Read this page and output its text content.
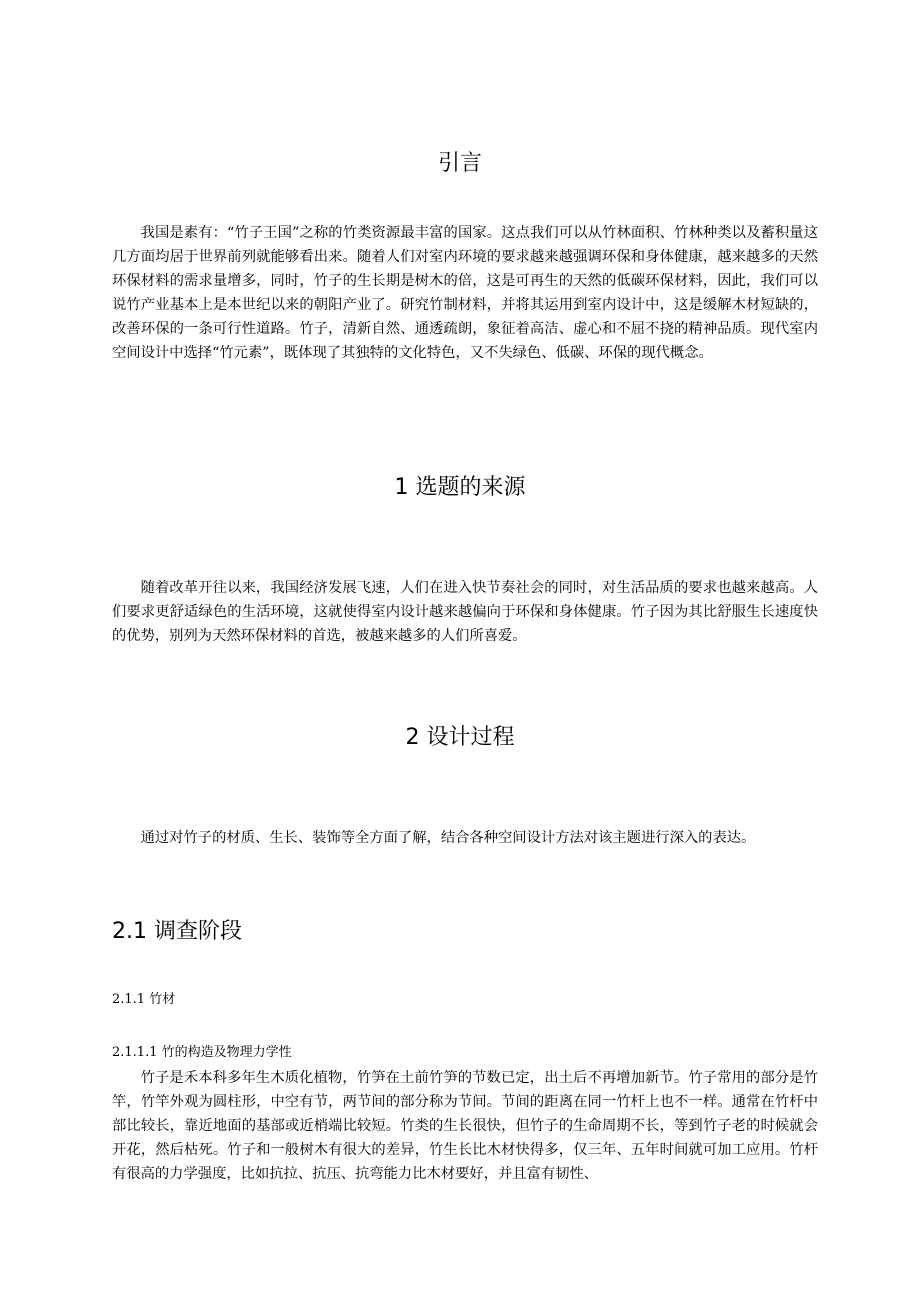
引言

我国是素有：“竹子王国”之称的竹类资源最丰富的国家。这点我们可以从竹林面积、竹林种类以及蓄积量这几方面均居于世界前列就能够看出来。随着人们对室内环境的要求越来越强调环保和身体健康，越来越多的天然环保材料的需求量增多，同时，竹子的生长期是树木的倍，这是可再生的天然的低碳环保材料，因此，我们可以说竹产业基本上是本世纪以来的朝阳产业了。研究竹制材料，并将其运用到室内设计中，这是缓解木材短缺的，改善环保的一条可行性道路。竹子，清新自然、通透疏朗，象征着高洁、虚心和不屈不挠的精神品质。现代室内空间设计中选择“竹元素”，既体现了其独特的文化特色，又不失绿色、低碳、环保的现代概念。

1 选题的来源

随着改革开往以来，我国经济发展飞速，人们在进入快节奏社会的同时，对生活品质的要求也越来越高。人们要求更舒适绿色的生活环境，这就使得室内设计越来越偏向于环保和身体健康。竹子因为其比舒服生长速度快的优势，别列为天然环保材料的首选，被越来越多的人们所喜爱。

2 设计过程

通过对竹子的材质、生长、装饰等全方面了解，结合各种空间设计方法对该主题进行深入的表达。

2.1 调查阶段

2.1.1 竹材

2.1.1.1 竹的构造及物理力学性

竹子是禾本科多年生木质化植物，竹笋在土前竹笋的节数已定，出土后不再增加新节。竹子常用的部分是竹竿，竹竿外观为圆柱形，中空有节，两节间的部分称为节间。节间的距离在同一竹杆上也不一样。通常在竹杆中部比较长，靠近地面的基部或近梢端比较短。竹类的生长很快，但竹子的生命周期不长，等到竹子老的时候就会开花，然后枯死。竹子和一般树木有很大的差异，竹生长比木材快得多，仅三年、五年时间就可加工应用。竹杆有很高的力学强度，比如抗拉、抗压、抗弯能力比木材要好，并且富有韧性、
